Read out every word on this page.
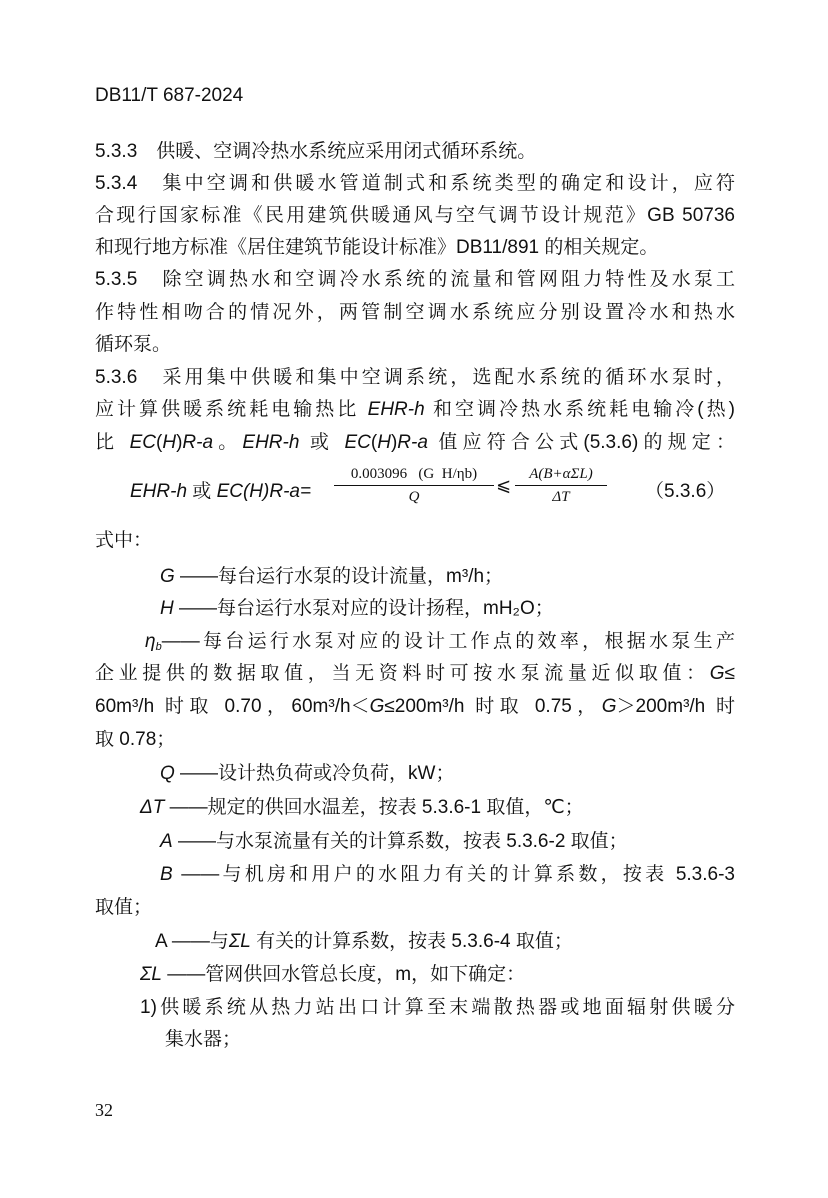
DB11/T 687-2024
5.3.3　供暖、空调冷热水系统应采用闭式循环系统。
5.3.4　集中空调和供暖水管道制式和系统类型的确定和设计，应符
合现行国家标准《民用建筑供暖通风与空气调节设计规范》GB 50736
和现行地方标准《居住建筑节能设计标准》DB11/891 的相关规定。
5.3.5　除空调热水和空调冷水系统的流量和管网阻力特性及水泵工
作特性相吻合的情况外，两管制空调水系统应分别设置冷水和热水
循环泵。
5.3.6　采用集中供暖和集中空调系统，选配水系统的循环水泵时，
应计算供暖系统耗电输热比 EHR-h 和空调冷热水系统耗电输冷(热)
比 EC(H)R-a。EHR-h 或 EC(H)R-a 值应符合公式(5.3.6)的规定：
式中：
G ——每台运行水泵的设计流量，m³/h；
H ——每台运行水泵对应的设计扬程，mH₂O；
$\eta_b——$每台运行水泵对应的设计工作点的效率，根据水泵生产
企业提供的数据取值，当无资料时可按水泵流量近似取值：G≤
60m³/h 时取 0.70，60m³/h＜G≤200m³/h 时取 0.75，G＞200m³/h 时
取 0.78；
Q ——设计热负荷或冷负荷，kW；
ΔT ——规定的供回水温差，按表 5.3.6-1 取值，℃；
A ——与水泵流量有关的计算系数，按表 5.3.6-2 取值；
B ——与机房和用户的水阻力有关的计算系数，按表 5.3.6-3
取值；
A ——与ΣL 有关的计算系数，按表 5.3.6-4 取值；
ΣL ——管网供回水管总长度，m，如下确定：
1)供暖系统从热力站出口计算至末端散热器或地面辐射供暖分
集水器；
EHR-h 或 $EC(H)R-a= \frac{\text{0.003096   (G  H/ηb)}}{Q}$ ⩽
A(B+αΣL)
ΔT	（5.3.6）
32
